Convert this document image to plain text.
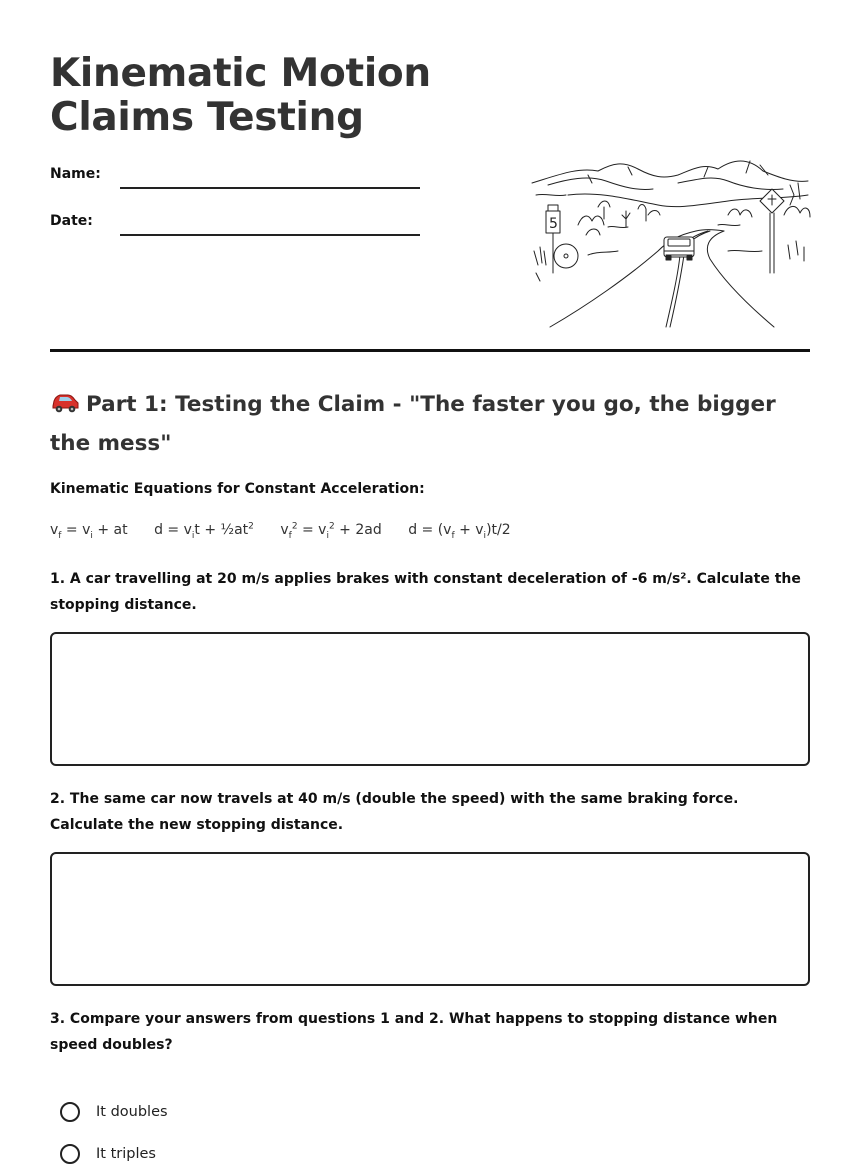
Kinematic Motion
Claims Testing
Name:
Date:	5
Part 1: Testing the Claim - "The faster you go, the bigger the mess"
Kinematic Equations for Constant Acceleration:
$v_f = v_i$ + at $d = v_it$ + $\frac{1}{2}at^2$ $v_f^2 = v_i^2 + 2ad$ $d = (v_f + v_i)t/2$

1. A car travelling at 20 m/s applies brakes with constant deceleration of -6 m/s². Calculate the stopping distance.

2. The same car now travels at 40 m/s (double the speed) with the same braking force. Calculate the new stopping distance.

3. Compare your answers from questions 1 and 2. What happens to stopping distance when speed doubles?

It doubles
It triples
